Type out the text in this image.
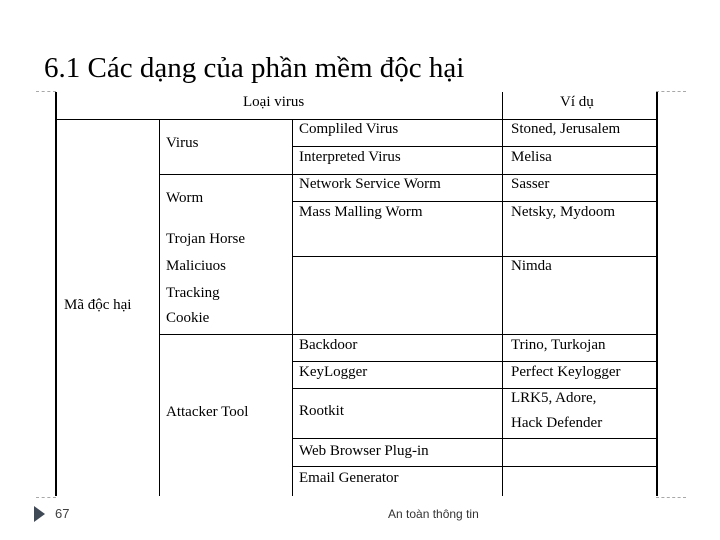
6.1 Các dạng của phần mềm độc hại
Loại virus	Ví dụ
Mã độc hại
Virus
Worm
Trojan Horse
Maliciuos
Tracking
Cookie
Attacker Tool
Compliled Virus
Interpreted Virus
Network Service Worm
Mass Malling Worm
Backdoor
KeyLogger
Rootkit
Web Browser Plug-in
Email Generator
Stoned, Jerusalem
Melisa
Sasser
Netsky, Mydoom
Nimda
Trino, Turkojan
Perfect Keylogger
LRK5, Adore,
Hack Defender
67	An toàn thông tin
